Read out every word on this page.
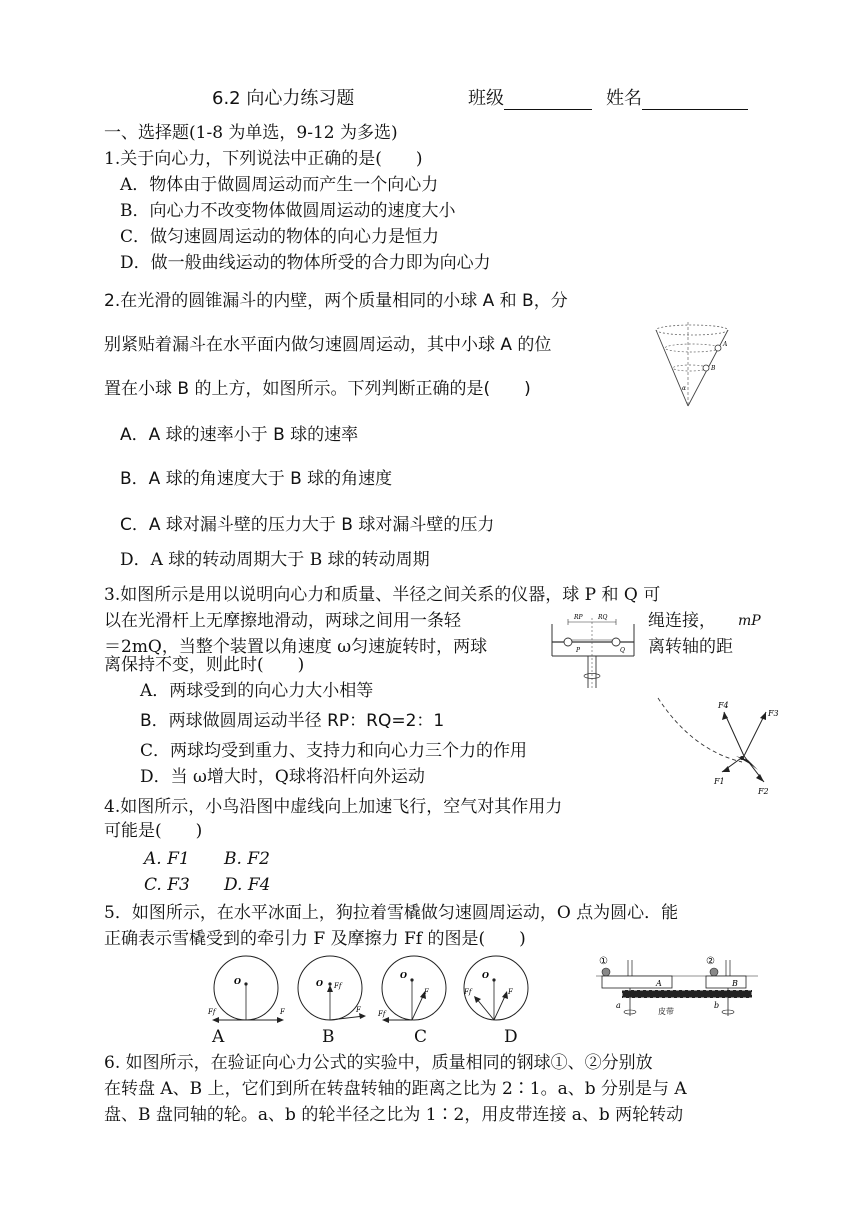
6.2 向心力练习题	班级	姓名
一、选择题(1-8 为单选，9-12 为多选)
1.关于向心力，下列说法中正确的是(　　)
A．物体由于做圆周运动而产生一个向心力
B．向心力不改变物体做圆周运动的速度大小
C．做匀速圆周运动的物体的向心力是恒力
D．做一般曲线运动的物体所受的合力即为向心力
2.在光滑的圆锥漏斗的内壁，两个质量相同的小球 A 和 B，分
别紧贴着漏斗在水平面内做匀速圆周运动，其中小球 A 的位
置在小球 B 的上方，如图所示。下列判断正确的是(　　)
A．A 球的速率小于 B 球的速率
B．A 球的角速度大于 B 球的角速度
C．A 球对漏斗壁的压力大于 B 球对漏斗壁的压力
D．A 球的转动周期大于 B 球的转动周期
A
B
α
3.如图所示是用以说明向心力和质量、半径之间关系的仪器，球 P 和 Q 可
以在光滑杆上无摩擦地滑动，两球之间用一条轻	绳连接， mP
＝2mQ，当整个装置以角速度 ω匀速旋转时，两球	离转轴的距
离保持不变，则此时(　　)
A．两球受到的向心力大小相等
B．两球做圆周运动半径 RP：RQ=2：1
C．两球均受到重力、支持力和向心力三个力的作用
D．当 ω增大时，Q球将沿杆向外运动
RP	RQ
P	Q
F4
F3
F1
F2
4.如图所示，小鸟沿图中虚线向上加速飞行，空气对其作用力
可能是(　　)
A. F1 B. F2
C. F3 D. F4
5．如图所示，在水平冰面上，狗拉着雪橇做匀速圆周运动，O 点为圆心．能
正确表示雪橇受到的牵引力 F 及摩擦力 Ff 的图是(　　)
O
Ff	F
O Ff
F
O
Ff
F
O
Ff	F
A	B	C	D
①	②
A	B
a	b
皮带
6. 如图所示，在验证向心力公式的实验中，质量相同的钢球①、②分别放
在转盘 A、B 上，它们到所在转盘转轴的距离之比为 2∶1。a、b 分别是与 A
盘、B 盘同轴的轮。a、b 的轮半径之比为 1∶2，用皮带连接 a、b 两轮转动
